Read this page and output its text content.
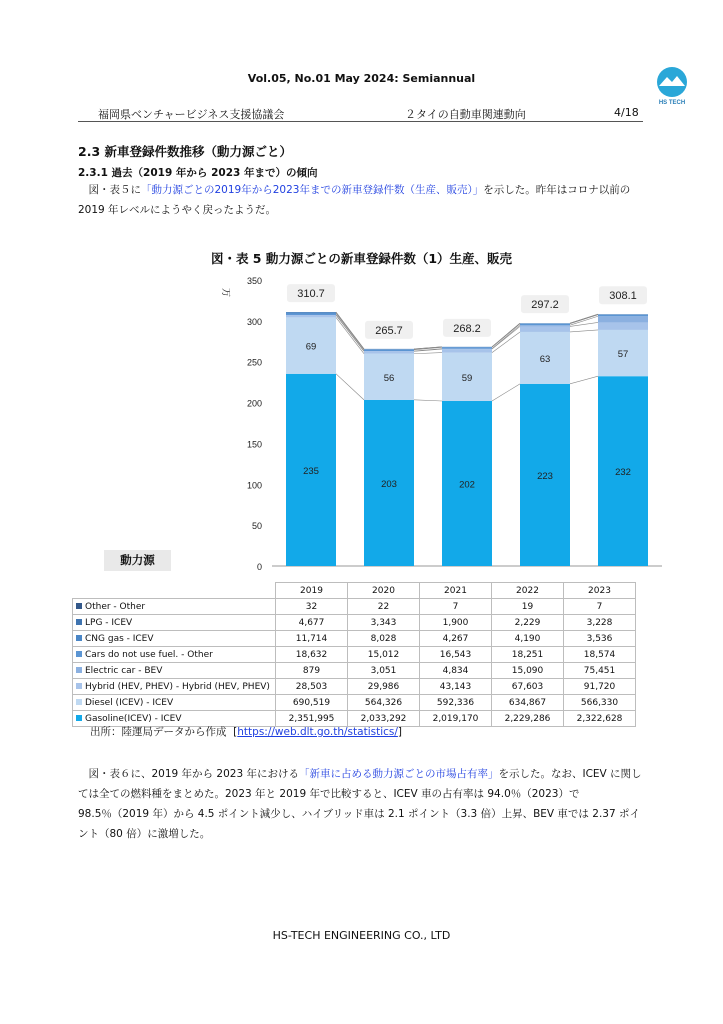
Vol.05, No.01 May 2024: Semiannual
HS TECH
福岡県ベンチャービジネス支援協議会	２タイの自動車関連動向	4/18
2.3 新車登録件数推移（動力源ごと）
2.3.1 過去（2019 年から 2023 年まで）の傾向
　図・表５に「動力源ごとの2019年から2023年までの新車登録件数（生産、販売）」を示した。昨年はコロナ以前の 2019 年レベルにようやく戻ったようだ。
図・表 5 動力源ごとの新車登録件数（1）生産、販売
0
50
100
150
200
250
300
350
万
235
69
310.7
203
56
265.7
202
59
268.2
223
63
297.2
232
57
308.1
動力源
	2019	2020	2021	2022	2023
Other - Other	32	22	7	19	7
LPG - ICEV	4,677	3,343	1,900	2,229	3,228
CNG gas - ICEV	11,714	8,028	4,267	4,190	3,536
Cars do not use fuel. - Other	18,632	15,012	16,543	18,251	18,574
Electric car - BEV	879	3,051	4,834	15,090	75,451
Hybrid (HEV, PHEV) - Hybrid (HEV, PHEV)	28,503	29,986	43,143	67,603	91,720
Diesel (ICEV) - ICEV	690,519	564,326	592,336	634,867	566,330
Gasoline(ICEV) - ICEV	2,351,995	2,033,292	2,019,170	2,229,286	2,322,628
出所：陸運局データから作成  [https://web.dlt.go.th/statistics/]
　図・表６に、2019 年から 2023 年における「新車に占める動力源ごとの市場占有率」を示した。なお、ICEV に関しては全ての燃料種をまとめた。2023 年と 2019 年で比較すると、ICEV 車の占有率は 94.0％（2023）で 98.5％（2019 年）から 4.5 ポイント減少し、ハイブリッド車は 2.1 ポイント（3.3 倍）上昇、BEV 車では 2.37 ポイント（80 倍）に激増した。
HS-TECH ENGINEERING CO., LTD
